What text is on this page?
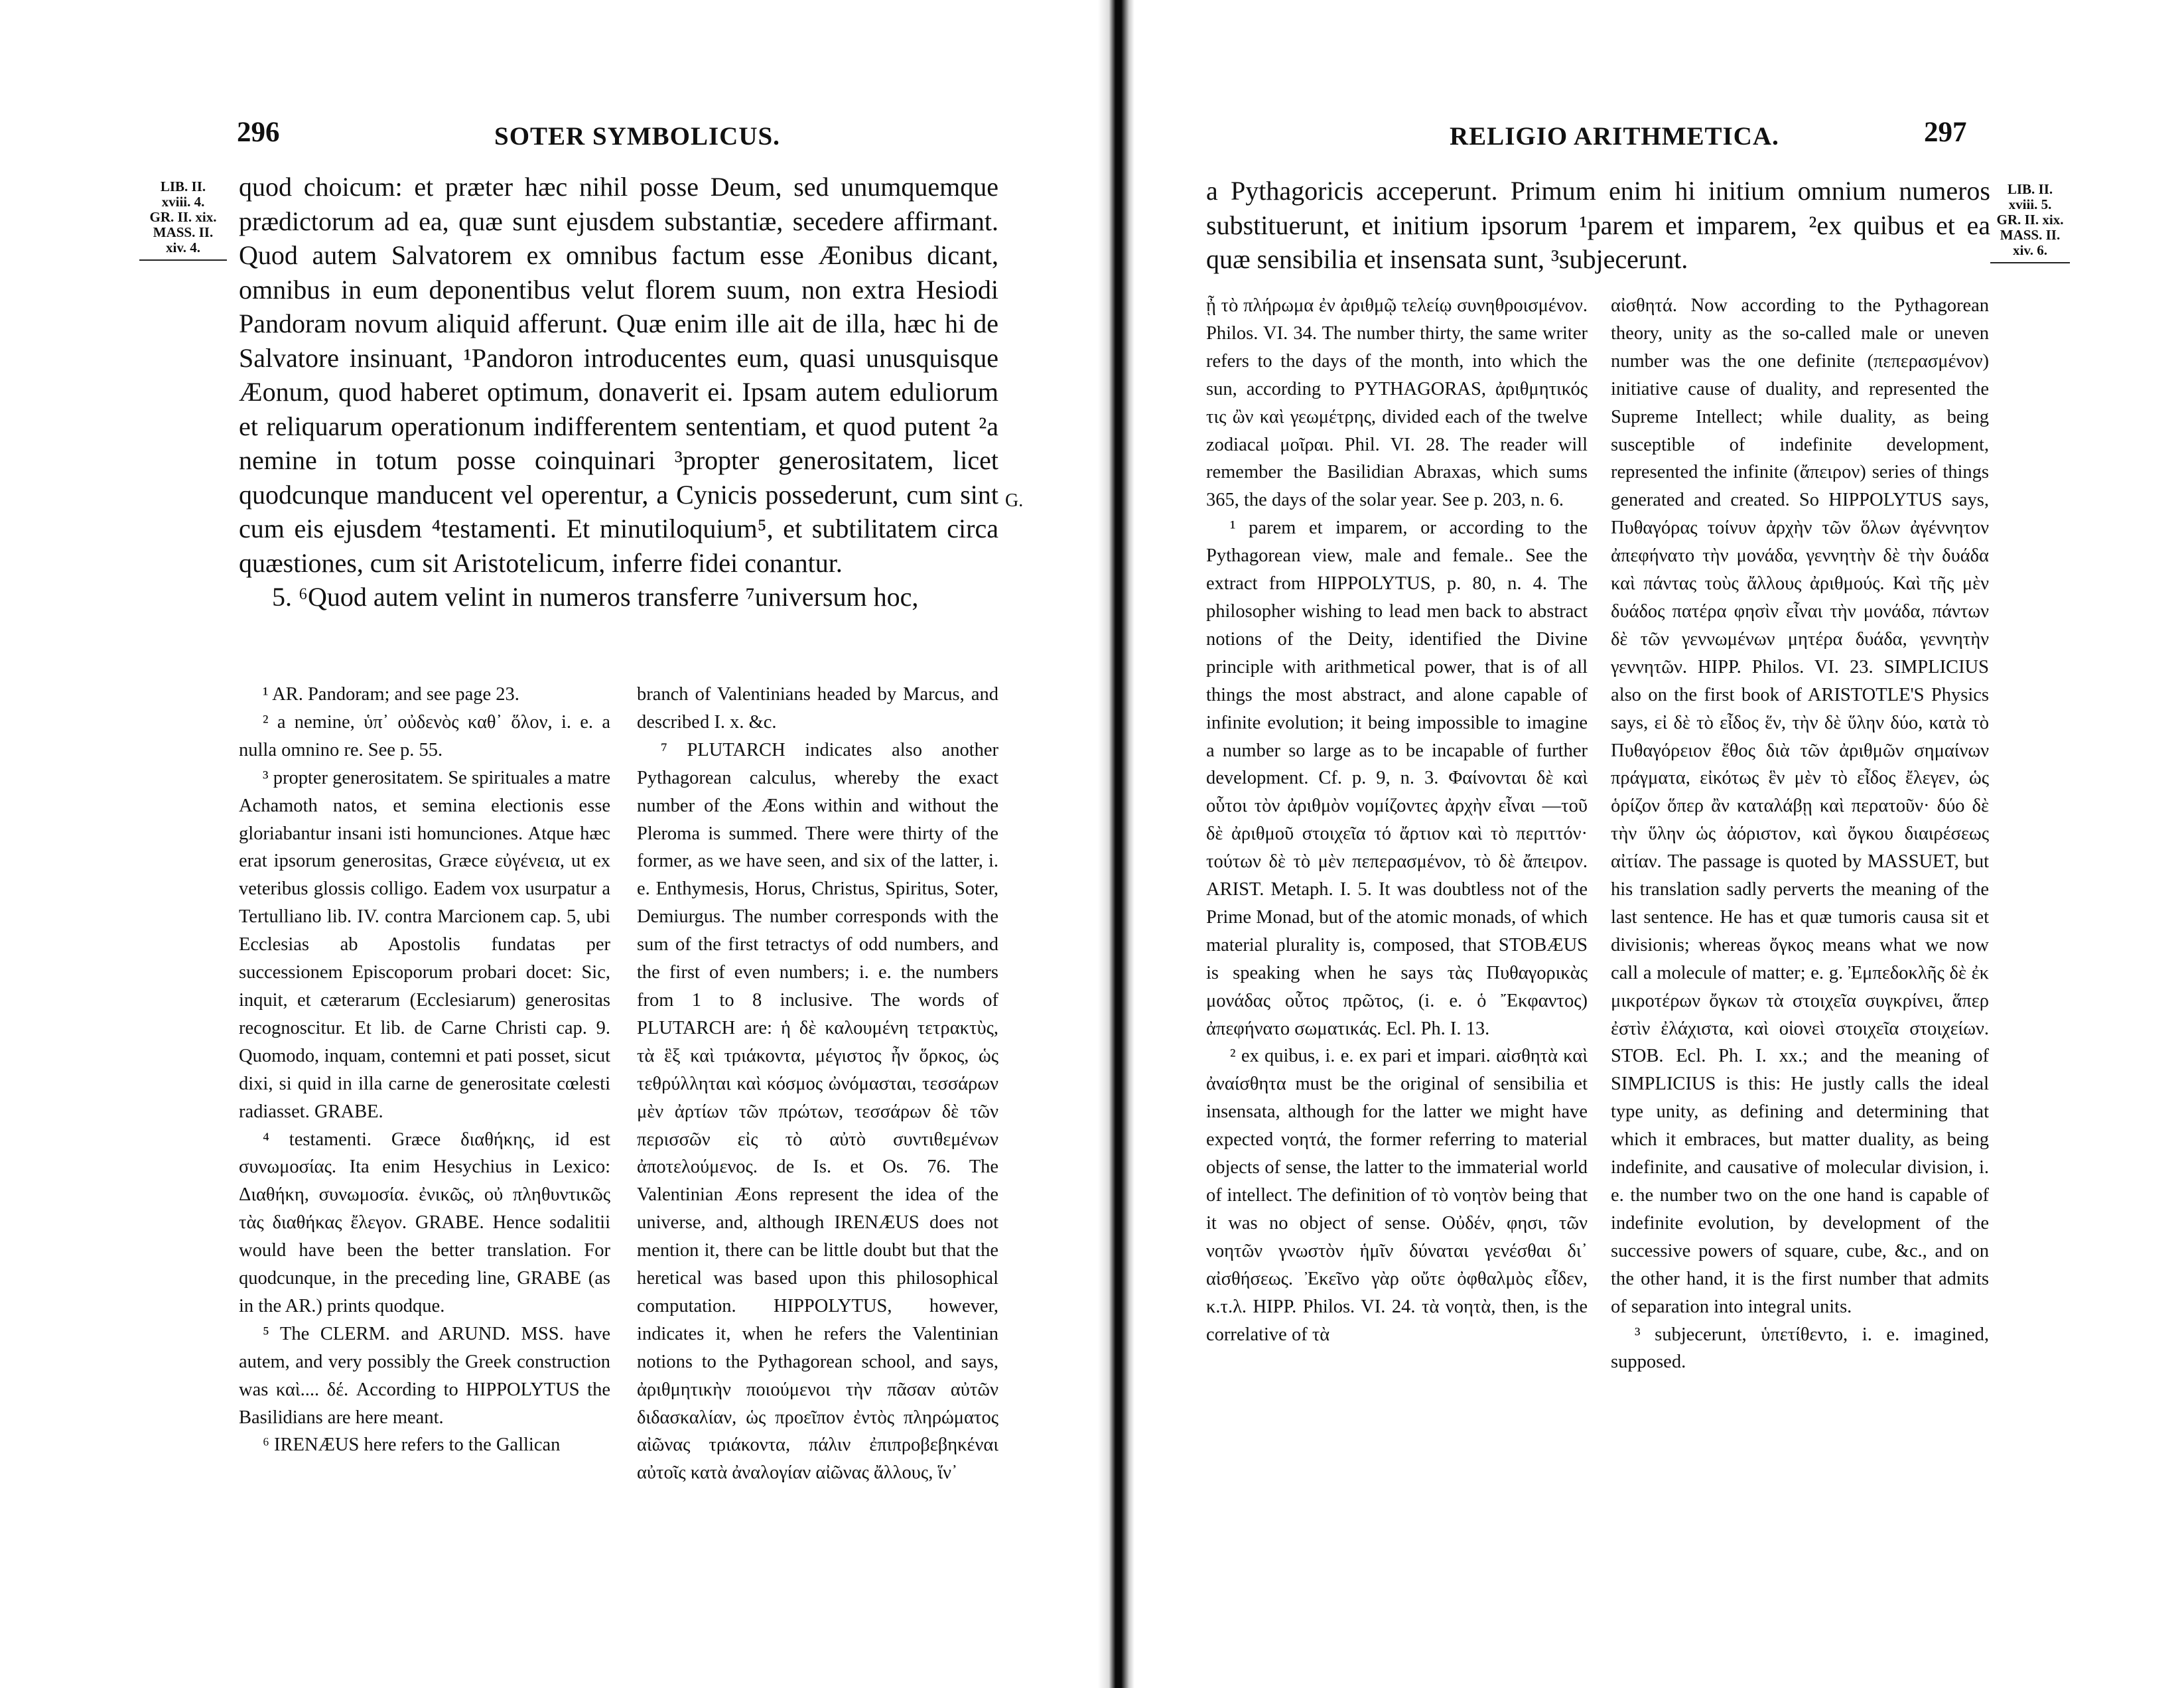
296	SOTER SYMBOLICUS.
LIB. II.
xviii. 4.
GR. II. xix.
MASS. II.
xiv. 4.
G.

quod choicum: et præter hæc nihil posse Deum, sed unumquemque prædictorum ad ea, quæ sunt ejusdem substantiæ, secedere affirmant. Quod autem Salvatorem ex omnibus factum esse Æonibus dicant, omnibus in eum deponentibus velut florem suum, non extra Hesiodi Pandoram novum aliquid afferunt. Quæ enim ille ait de illa, hæc hi de Salvatore insinuant, ¹Pandoron introducentes eum, quasi unusquisque Æonum, quod haberet optimum, donaverit ei. Ipsam autem eduliorum et reliquarum operationum indifferentem sententiam, et quod putent ²a nemine in totum posse coinquinari ³propter generositatem, licet quodcunque manducent vel operentur, a Cynicis possederunt, cum sint cum eis ejusdem ⁴testamenti. Et minutiloquium⁵, et subtilitatem circa quæstiones, cum sit Aristotelicum, inferre fidei conantur.

5. ⁶Quod autem velint in numeros transferre ⁷universum hoc,

¹ AR. Pandoram; and see page 23.

² a nemine, ὑπ᾽ οὐδενὸς καθ᾽ ὅλον, i. e. a nulla omnino re. See p. 55.

³ propter generositatem. Se spirituales a matre Achamoth natos, et semina electionis esse gloriabantur insani isti homunciones. Atque hæc erat ipsorum generositas, Græce εὐγένεια, ut ex veteribus glossis colligo. Eadem vox usurpatur a Tertulliano lib. IV. contra Marcionem cap. 5, ubi Ecclesias ab Apostolis fundatas per successionem Episcoporum probari docet: Sic, inquit, et cæterarum (Ecclesiarum) generositas recognoscitur. Et lib. de Carne Christi cap. 9. Quomodo, inquam, contemni et pati posset, sicut dixi, si quid in illa carne de generositate cœlesti radiasset. GRABE.

⁴ testamenti. Græce διαθήκης, id est συνωμοσίας. Ita enim Hesychius in Lexico: Διαθήκη, συνωμοσία. ἐνικῶς, οὐ πληθυντικῶς τὰς διαθήκας ἔλεγον. GRABE. Hence sodalitii would have been the better translation. For quodcunque, in the preceding line, GRABE (as in the AR.) prints quodque.

⁵ The CLERM. and ARUND. MSS. have autem, and very possibly the Greek construction was καὶ.... δέ. According to HIPPOLYTUS the Basilidians are here meant.

⁶ IRENÆUS here refers to the Gallican

branch of Valentinians headed by Marcus, and described I. x. &c.

⁷ PLUTARCH indicates also another Pythagorean calculus, whereby the exact number of the Æons within and without the Pleroma is summed. There were thirty of the former, as we have seen, and six of the latter, i. e. Enthymesis, Horus, Christus, Spiritus, Soter, Demiurgus. The number corresponds with the sum of the first tetractys of odd numbers, and the first of even numbers; i. e. the numbers from 1 to 8 inclusive. The words of PLUTARCH are: ἡ δὲ καλουμένη τετρακτὺς, τὰ ἓξ καὶ τριάκοντα, μέγιστος ἦν ὅρκος, ὡς τεθρύλληται καὶ κόσμος ὠνόμασται, τεσσάρων μὲν ἀρτίων τῶν πρώτων, τεσσάρων δὲ τῶν περισσῶν εἰς τὸ αὐτὸ συντιθεμένων ἀποτελούμενος. de Is. et Os. 76. The Valentinian Æons represent the idea of the universe, and, although IRENÆUS does not mention it, there can be little doubt but that the heretical was based upon this philosophical computation. HIPPOLYTUS, however, indicates it, when he refers the Valentinian notions to the Pythagorean school, and says, ἀριθμητικὴν ποιούμενοι τὴν πᾶσαν αὐτῶν διδασκαλίαν, ὡς προεῖπον ἐντὸς πληρώματος αἰῶνας τριάκοντα, πάλιν ἐπιπροβεβηκέναι αὐτοῖς κατὰ ἀναλογίαν αἰῶνας ἄλλους, ἵν᾽

RELIGIO ARITHMETICA.	297

a Pythagoricis acceperunt. Primum enim hi initium omnium numeros substituerunt, et initium ipsorum ¹parem et imparem, ²ex quibus et ea quæ sensibilia et insensata sunt, ³subjecerunt.

LIB. II.
xviii. 5.
GR. II. xix.
MASS. II.
xiv. 6.

ᾖ τὸ πλήρωμα ἐν ἀριθμῷ τελείῳ συνηθροισμένον. Philos. VI. 34. The number thirty, the same writer refers to the days of the month, into which the sun, according to PYTHAGORAS, ἀριθμητικός τις ὢν καὶ γεωμέτρης, divided each of the twelve zodiacal μοῖραι. Phil. VI. 28. The reader will remember the Basilidian Abraxas, which sums 365, the days of the solar year. See p. 203, n. 6.

¹ parem et imparem, or according to the Pythagorean view, male and female.. See the extract from HIPPOLYTUS, p. 80, n. 4. The philosopher wishing to lead men back to abstract notions of the Deity, identified the Divine principle with arithmetical power, that is of all things the most abstract, and alone capable of infinite evolution; it being impossible to imagine a number so large as to be incapable of further development. Cf. p. 9, n. 3. Φαίνονται δὲ καὶ οὗτοι τὸν ἀριθμὸν νομίζοντες ἀρχὴν εἶναι —τοῦ δὲ ἀριθμοῦ στοιχεῖα τό ἄρτιον καὶ τὸ περιττόν· τούτων δὲ τὸ μὲν πεπερασμένον, τὸ δὲ ἄπειρον. ARIST. Metaph. I. 5. It was doubtless not of the Prime Monad, but of the atomic monads, of which material plurality is, composed, that STOBÆUS is speaking when he says τὰς Πυθαγορικὰς μονάδας οὗτος πρῶτος, (i. e. ὁ Ἔκφαντος) ἀπεφήνατο σωματικάς. Ecl. Ph. I. 13.

² ex quibus, i. e. ex pari et impari. αἰσθητὰ καὶ ἀναίσθητα must be the original of sensibilia et insensata, although for the latter we might have expected νοητά, the former referring to material objects of sense, the latter to the immaterial world of intellect. The definition of τὸ νοητὸν being that it was no object of sense. Οὐδέν, φησι, τῶν νοητῶν γνωστὸν ἡμῖν δύναται γενέσθαι δι᾽ αἰσθήσεως. Ἐκεῖνο γὰρ οὔτε ὀφθαλμὸς εἶδεν, κ.τ.λ. HIPP. Philos. VI. 24. τὰ νοητὰ, then, is the correlative of τὰ

αἰσθητά. Now according to the Pythagorean theory, unity as the so-called male or uneven number was the one definite (πεπερασμένον) initiative cause of duality, and represented the Supreme Intellect; while duality, as being susceptible of indefinite development, represented the infinite (ἄπειρον) series of things generated and created. So HIPPOLYTUS says, Πυθαγόρας τοίνυν ἀρχὴν τῶν ὅλων ἀγέννητον ἀπεφήνατο τὴν μονάδα, γεννητὴν δὲ τὴν δυάδα καὶ πάντας τοὺς ἄλλους ἀριθμούς. Καὶ τῆς μὲν δυάδος πατέρα φησὶν εἶναι τὴν μονάδα, πάντων δὲ τῶν γεννωμένων μητέρα δυάδα, γεννητὴν γεννητῶν. HIPP. Philos. VI. 23. SIMPLICIUS also on the first book of ARISTOTLE'S Physics says, εἰ δὲ τὸ εἶδος ἕν, τὴν δὲ ὕλην δύο, κατὰ τὸ Πυθαγόρειον ἔθος διὰ τῶν ἀριθμῶν σημαίνων πράγματα, εἰκότως ἓν μὲν τὸ εἶδος ἔλεγεν, ὡς ὁρίζον ὅπερ ἂν καταλάβῃ καὶ περατοῦν· δύο δὲ τὴν ὕλην ὡς ἀόριστον, καὶ ὄγκου διαιρέσεως αἰτίαν. The passage is quoted by MASSUET, but his translation sadly perverts the meaning of the last sentence. He has et quæ tumoris causa sit et divisionis; whereas ὄγκος means what we now call a molecule of matter; e. g. Ἐμπεδοκλῆς δὲ ἐκ μικροτέρων ὄγκων τὰ στοιχεῖα συγκρίνει, ἅπερ ἐστὶν ἐλάχιστα, καὶ οἱονεὶ στοιχεῖα στοιχείων. STOB. Ecl. Ph. I. xx.; and the meaning of SIMPLICIUS is this: He justly calls the ideal type unity, as defining and determining that which it embraces, but matter duality, as being indefinite, and causative of molecular division, i. e. the number two on the one hand is capable of indefinite evolution, by development of the successive powers of square, cube, &c., and on the other hand, it is the first number that admits of separation into integral units.

³ subjecerunt, ὑπετίθεντο, i. e. imagined, supposed.
